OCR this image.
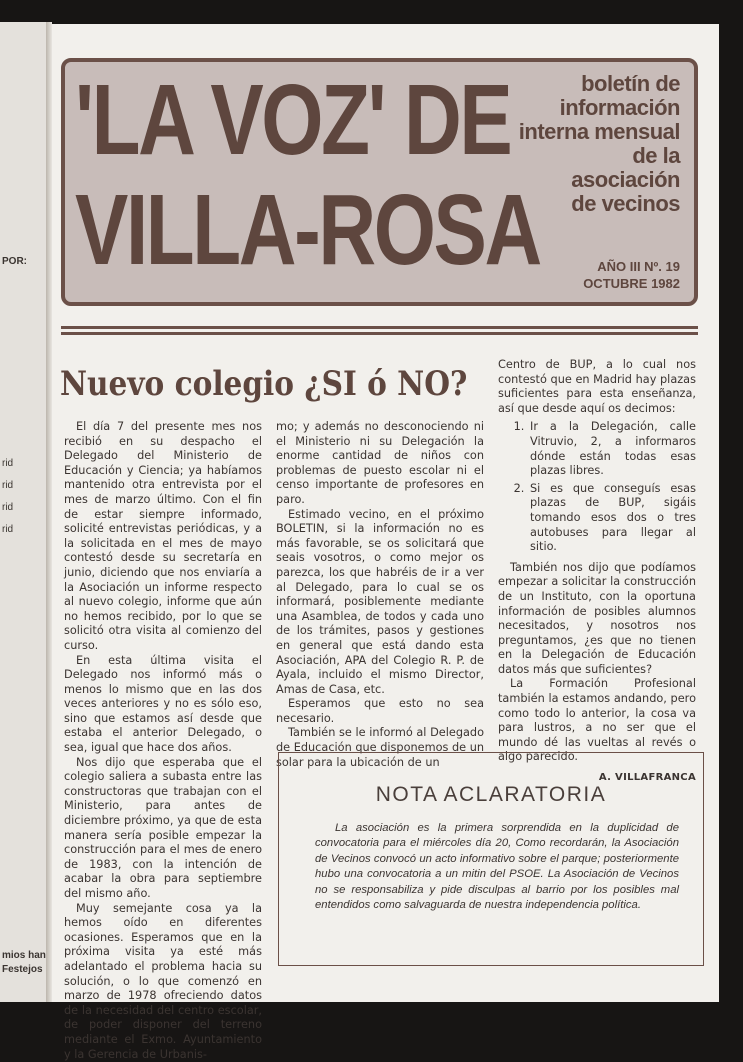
POR:
rid
rid
rid
rid
mios han
Festejos
'LA VOZ' DE
VILLA-ROSA
boletín de
información
interna mensual
de la
asociación
de vecinos
AÑO III Nº. 19
OCTUBRE 1982
Nuevo colegio ¿SI ó NO?

El día 7 del presente mes nos recibió en su despacho el Delegado del Ministerio de Educación y Ciencia; ya habíamos mantenido otra entrevista por el mes de marzo último. Con el fin de estar siempre informado, solicité entrevistas periódicas, y a la solicitada en el mes de mayo contestó desde su secretaría en junio, diciendo que nos enviaría a la Asociación un informe respecto al nuevo colegio, informe que aún no hemos recibido, por lo que se solicitó otra visita al comienzo del curso.

En esta última visita el Delegado nos informó más o menos lo mismo que en las dos veces anteriores y no es sólo eso, sino que estamos así desde que estaba el anterior Delegado, o sea, igual que hace dos años.

Nos dijo que esperaba que el colegio saliera a subasta entre las constructoras que trabajan con el Ministerio, para antes de diciembre próximo, ya que de esta manera sería posible empezar la construcción para el mes de enero de 1983, con la intención de acabar la obra para septiembre del mismo año.

Muy semejante cosa ya la hemos oído en diferentes ocasiones. Esperamos que en la próxima visita ya esté más adelantado el problema hacia su solución, o lo que comenzó en marzo de 1978 ofreciendo datos de la necesidad del centro escolar, de poder disponer del terreno mediante el Exmo. Ayuntamiento y la Gerencia de Urbanis-

mo; y además no desconociendo ni el Ministerio ni su Delegación la enorme cantidad de niños con problemas de puesto escolar ni el censo importante de profesores en paro.

Estimado vecino, en el próximo BOLETIN, si la información no es más favorable, se os solicitará que seais vosotros, o como mejor os parezca, los que habréis de ir a ver al Delegado, para lo cual se os informará, posiblemente mediante una Asamblea, de todos y cada uno de los trámites, pasos y gestiones en general que está dando esta Asociación, APA del Colegio R. P. de Ayala, incluido el mismo Director, Amas de Casa, etc.

Esperamos que esto no sea necesario.

También se le informó al Delegado de Educación que disponemos de un solar para la ubicación de un

Centro de BUP, a lo cual nos contestó que en Madrid hay plazas suficientes para esta enseñanza, así que desde aquí os decimos:

1. Ir a la Delegación, calle Vitruvio, 2, a informaros dónde están todas esas plazas libres.
2. Si es que conseguís esas plazas de BUP, sigáis tomando esos dos o tres autobuses para llegar al sitio.

También nos dijo que podíamos empezar a solicitar la construcción de un Instituto, con la oportuna información de posibles alumnos necesitados, y nosotros nos preguntamos, ¿es que no tienen en la Delegación de Educación datos más que suficientes?

La Formación Profesional también la estamos andando, pero como todo lo anterior, la cosa va para lustros, a no ser que el mundo dé las vueltas al revés o algo parecido.

A. VILLAFRANCA
NOTA ACLARATORIA
La asociación es la primera sorprendida en la duplicidad de convocatoria para el miércoles día 20, Como recordarán, la Asociación de Vecinos convocó un acto informativo sobre el parque; posteriormente hubo una convocatoria a un mitin del PSOE. La Asociación de Vecinos no se responsabiliza y pide disculpas al barrio por los posibles mal entendidos como salvaguarda de nuestra independencia política.
